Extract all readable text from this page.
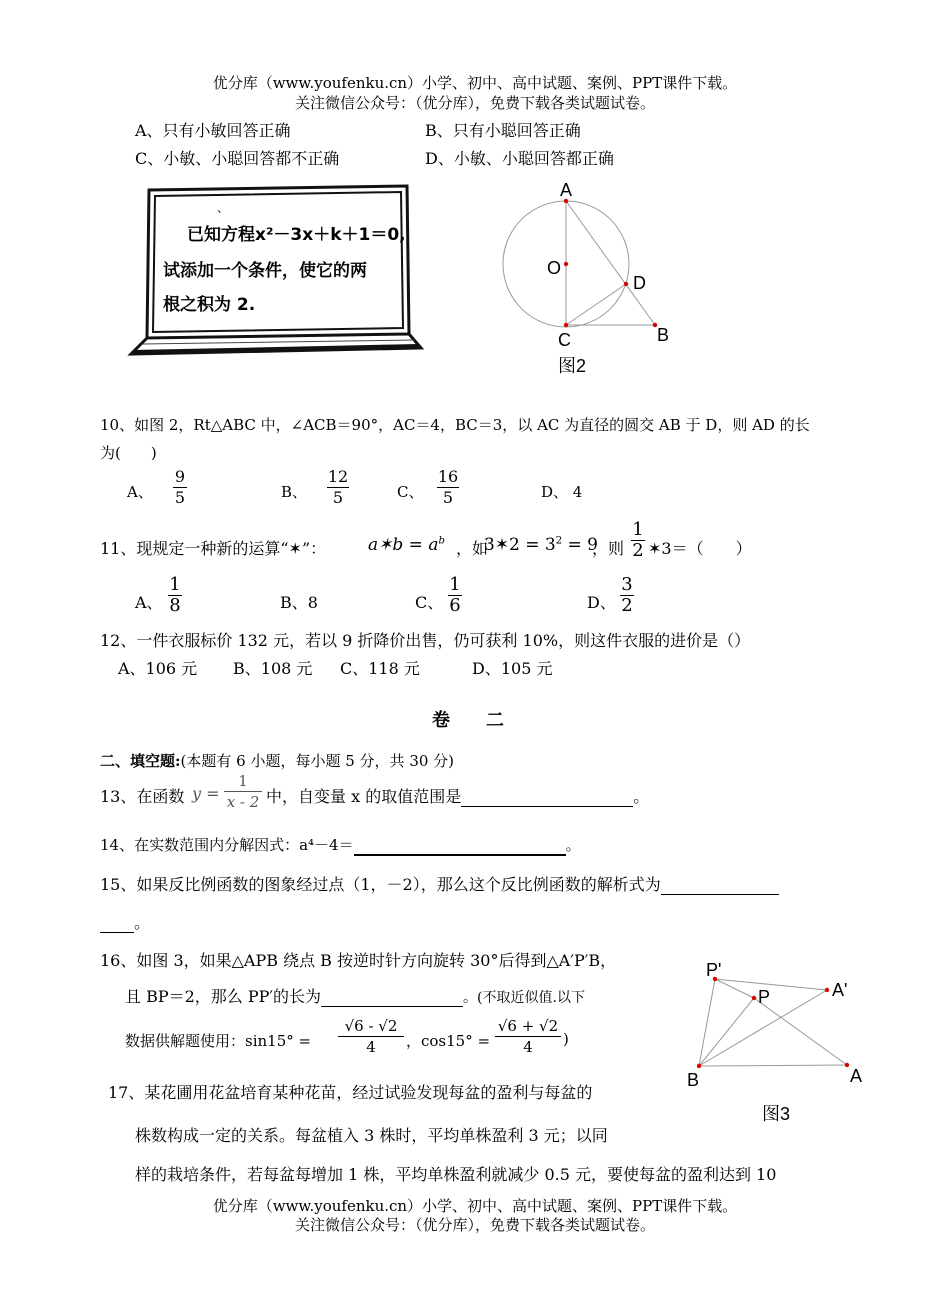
优分库（www.youfenku.cn）小学、初中、高中试题、案例、PPT课件下载。
关注微信公众号：（优分库），免费下载各类试题试卷。
A、只有小敏回答正确	B、只有小聪回答正确
C、小敏、小聪回答都不正确	D、小敏、小聪回答都正确
、
已知方程x²－3x＋k＋1＝0,
试添加一个条件，使它的两
根之积为 2.
A
O
D
C	B
图2
10、如图 2，Rt△ABC 中，∠ACB＝90°，AC＝4，BC＝3，以 AC 为直径的圆交 AB 于 D，则 AD 的长
为(　　)
A、
9
5	B、
12
5	C、
16
5	D、 4
11、现规定一种新的运算“✶”： a✶b = $a^b$ ，如
3✶2 = $3^2 = 9$
，则
1
2 ✶3＝（　　）
A、
1
8	B、8	C、
1
6	D、
3
2
12、一件衣服标价 132 元，若以 9 折降价出售，仍可获利 10%，则这件衣服的进价是（）
A、106 元 B、108 元 C、118 元	D、105 元
卷　　二
二、填空题:(本题有 6 小题，每小题 5 分，共 30 分)
13、在函数 y =
1
x - 2 中，自变量 x 的取值范围是	。
14、在实数范围内分解因式：a⁴－4＝	。
15、如果反比例函数的图象经过点（1，－2），那么这个反比例函数的解析式为
。
16、如图 3，如果△APB 绕点 B 按逆时针方向旋转 30°后得到△A′P′B，
且 BP＝2，那么 PP′的长为	。(不取近似值.以下
数据供解题使用：sin15° =
√6 - √2
4	，cos15° =
√6 + √2
4	)
P'
P	A'
B	A
图3
17、某花圃用花盆培育某种花苗，经过试验发现每盆的盈利与每盆的
株数构成一定的关系。每盆植入 3 株时，平均单株盈利 3 元；以同
样的栽培条件，若每盆每增加 1 株，平均单株盈利就减少 0.5 元，要使每盆的盈利达到 10
优分库（www.youfenku.cn）小学、初中、高中试题、案例、PPT课件下载。
关注微信公众号：（优分库），免费下载各类试题试卷。
